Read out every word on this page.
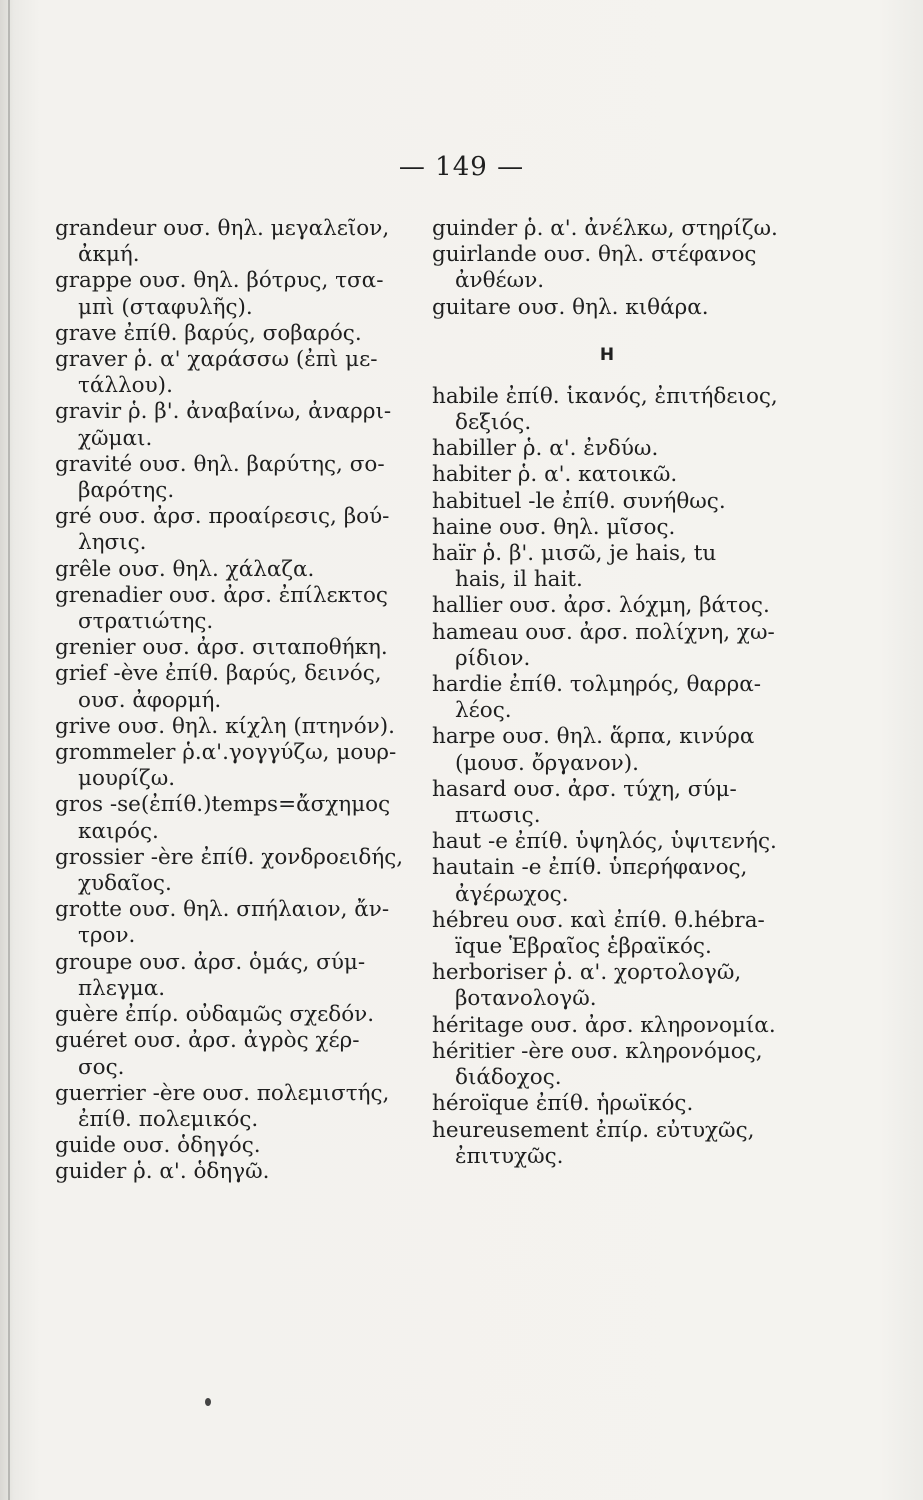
— 149 —
grandeur ουσ. θηλ. μεγαλεῖον,
ἀκμή.
grappe ουσ. θηλ. βότρυς, τσα-
μπὶ (σταφυλῆς).
grave ἐπίθ. βαρύς, σοβαρός.
graver ῥ. α' χαράσσω (ἐπὶ με-
τάλλου).
gravir ῥ. β'. ἀναβαίνω, ἀναρρι-
χῶμαι.
gravité ουσ. θηλ. βαρύτης, σο-
βαρότης.
gré ουσ. ἀρσ. προαίρεσις, βού-
λησις.
grêle ουσ. θηλ. χάλαζα.
grenadier ουσ. ἀρσ. ἐπίλεκτος
στρατιώτης.
grenier ουσ. ἀρσ. σιταποθήκη.
grief -ève ἐπίθ. βαρύς, δεινός,
ουσ. ἀφορμή.
grive ουσ. θηλ. κίχλη (πτηνόν).
grommeler ῥ.α'.γογγύζω, μουρ-
μουρίζω.
gros -se(ἐπίθ.)temps=ἄσχημος
καιρός.
grossier -ère ἐπίθ. χονδροειδής,
χυδαῖος.
grotte ουσ. θηλ. σπήλαιον, ἄν-
τρον.
groupe ουσ. ἀρσ. ὁμάς, σύμ-
πλεγμα.
guère ἐπίρ. οὐδαμῶς σχεδόν.
guéret ουσ. ἀρσ. ἀγρὸς χέρ-
σος.
guerrier -ère ουσ. πολεμιστής,
ἐπίθ. πολεμικός.
guide ουσ. ὁδηγός.
guider ῥ. α'. ὁδηγῶ.
guinder ῥ. α'. ἀνέλκω, στηρίζω.
guirlande ουσ. θηλ. στέφανος
ἀνθέων.
guitare ουσ. θηλ. κιθάρα.
H
habile ἐπίθ. ἱκανός, ἐπιτήδειος,
δεξιός.
habiller ῥ. α'. ἐνδύω.
habiter ῥ. α'. κατοικῶ.
habituel -le ἐπίθ. συνήθως.
haine ουσ. θηλ. μῖσος.
haïr ῥ. β'. μισῶ, je hais, tu
hais, il hait.
hallier ουσ. ἀρσ. λόχμη, βάτος.
hameau ουσ. ἀρσ. πολίχνη, χω-
ρίδιον.
hardie ἐπίθ. τολμηρός, θαρρα-
λέος.
harpe ουσ. θηλ. ἅρπα, κινύρα
(μουσ. ὄργανον).
hasard ουσ. ἀρσ. τύχη, σύμ-
πτωσις.
haut -e ἐπίθ. ὑψηλός, ὑψιτενής.
hautain -e ἐπίθ. ὑπερήφανος,
ἀγέρωχος.
hébreu ουσ. καὶ ἐπίθ. θ.hébra-
ïque Ἑβραῖος ἑβραϊκός.
herboriser ῥ. α'. χορτολογῶ,
βοτανολογῶ.
héritage ουσ. ἀρσ. κληρονομία.
héritier -ère ουσ. κληρονόμος,
διάδοχος.
héroïque ἐπίθ. ἡρωϊκός.
heureusement ἐπίρ. εὐτυχῶς,
ἐπιτυχῶς.
